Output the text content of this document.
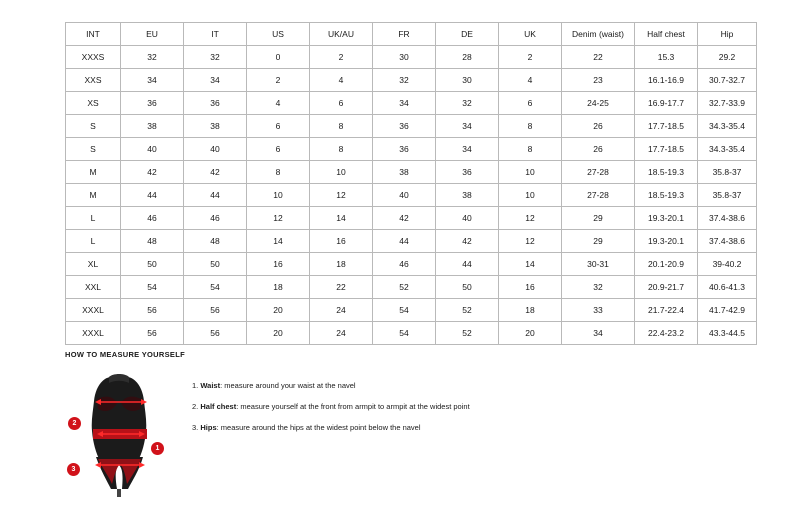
INT	EU	IT	US	UK/AU	FR	DE	UK	Denim (waist)	Half chest	Hip
XXXS	32	32	0	2	30	28	2	22	15.3	29.2
XXS	34	34	2	4	32	30	4	23	16.1-16.9	30.7-32.7
XS	36	36	4	6	34	32	6	24-25	16.9-17.7	32.7-33.9
S	38	38	6	8	36	34	8	26	17.7-18.5	34.3-35.4
S	40	40	6	8	36	34	8	26	17.7-18.5	34.3-35.4
M	42	42	8	10	38	36	10	27-28	18.5-19.3	35.8-37
M	44	44	10	12	40	38	10	27-28	18.5-19.3	35.8-37
L	46	46	12	14	42	40	12	29	19.3-20.1	37.4-38.6
L	48	48	14	16	44	42	12	29	19.3-20.1	37.4-38.6
XL	50	50	16	18	46	44	14	30-31	20.1-20.9	39-40.2
XXL	54	54	18	22	52	50	16	32	20.9-21.7	40.6-41.3
XXXL	56	56	20	24	54	52	18	33	21.7-22.4	41.7-42.9
XXXL	56	56	20	24	54	52	20	34	22.4-23.2	43.3-44.5
HOW TO MEASURE YOURSELF
1
2
3
1. Waist: measure around your waist at the navel
2. Half chest: measure yourself at the front from armpit to armpit at the widest point
3. Hips: measure around the hips at the widest point below the navel
